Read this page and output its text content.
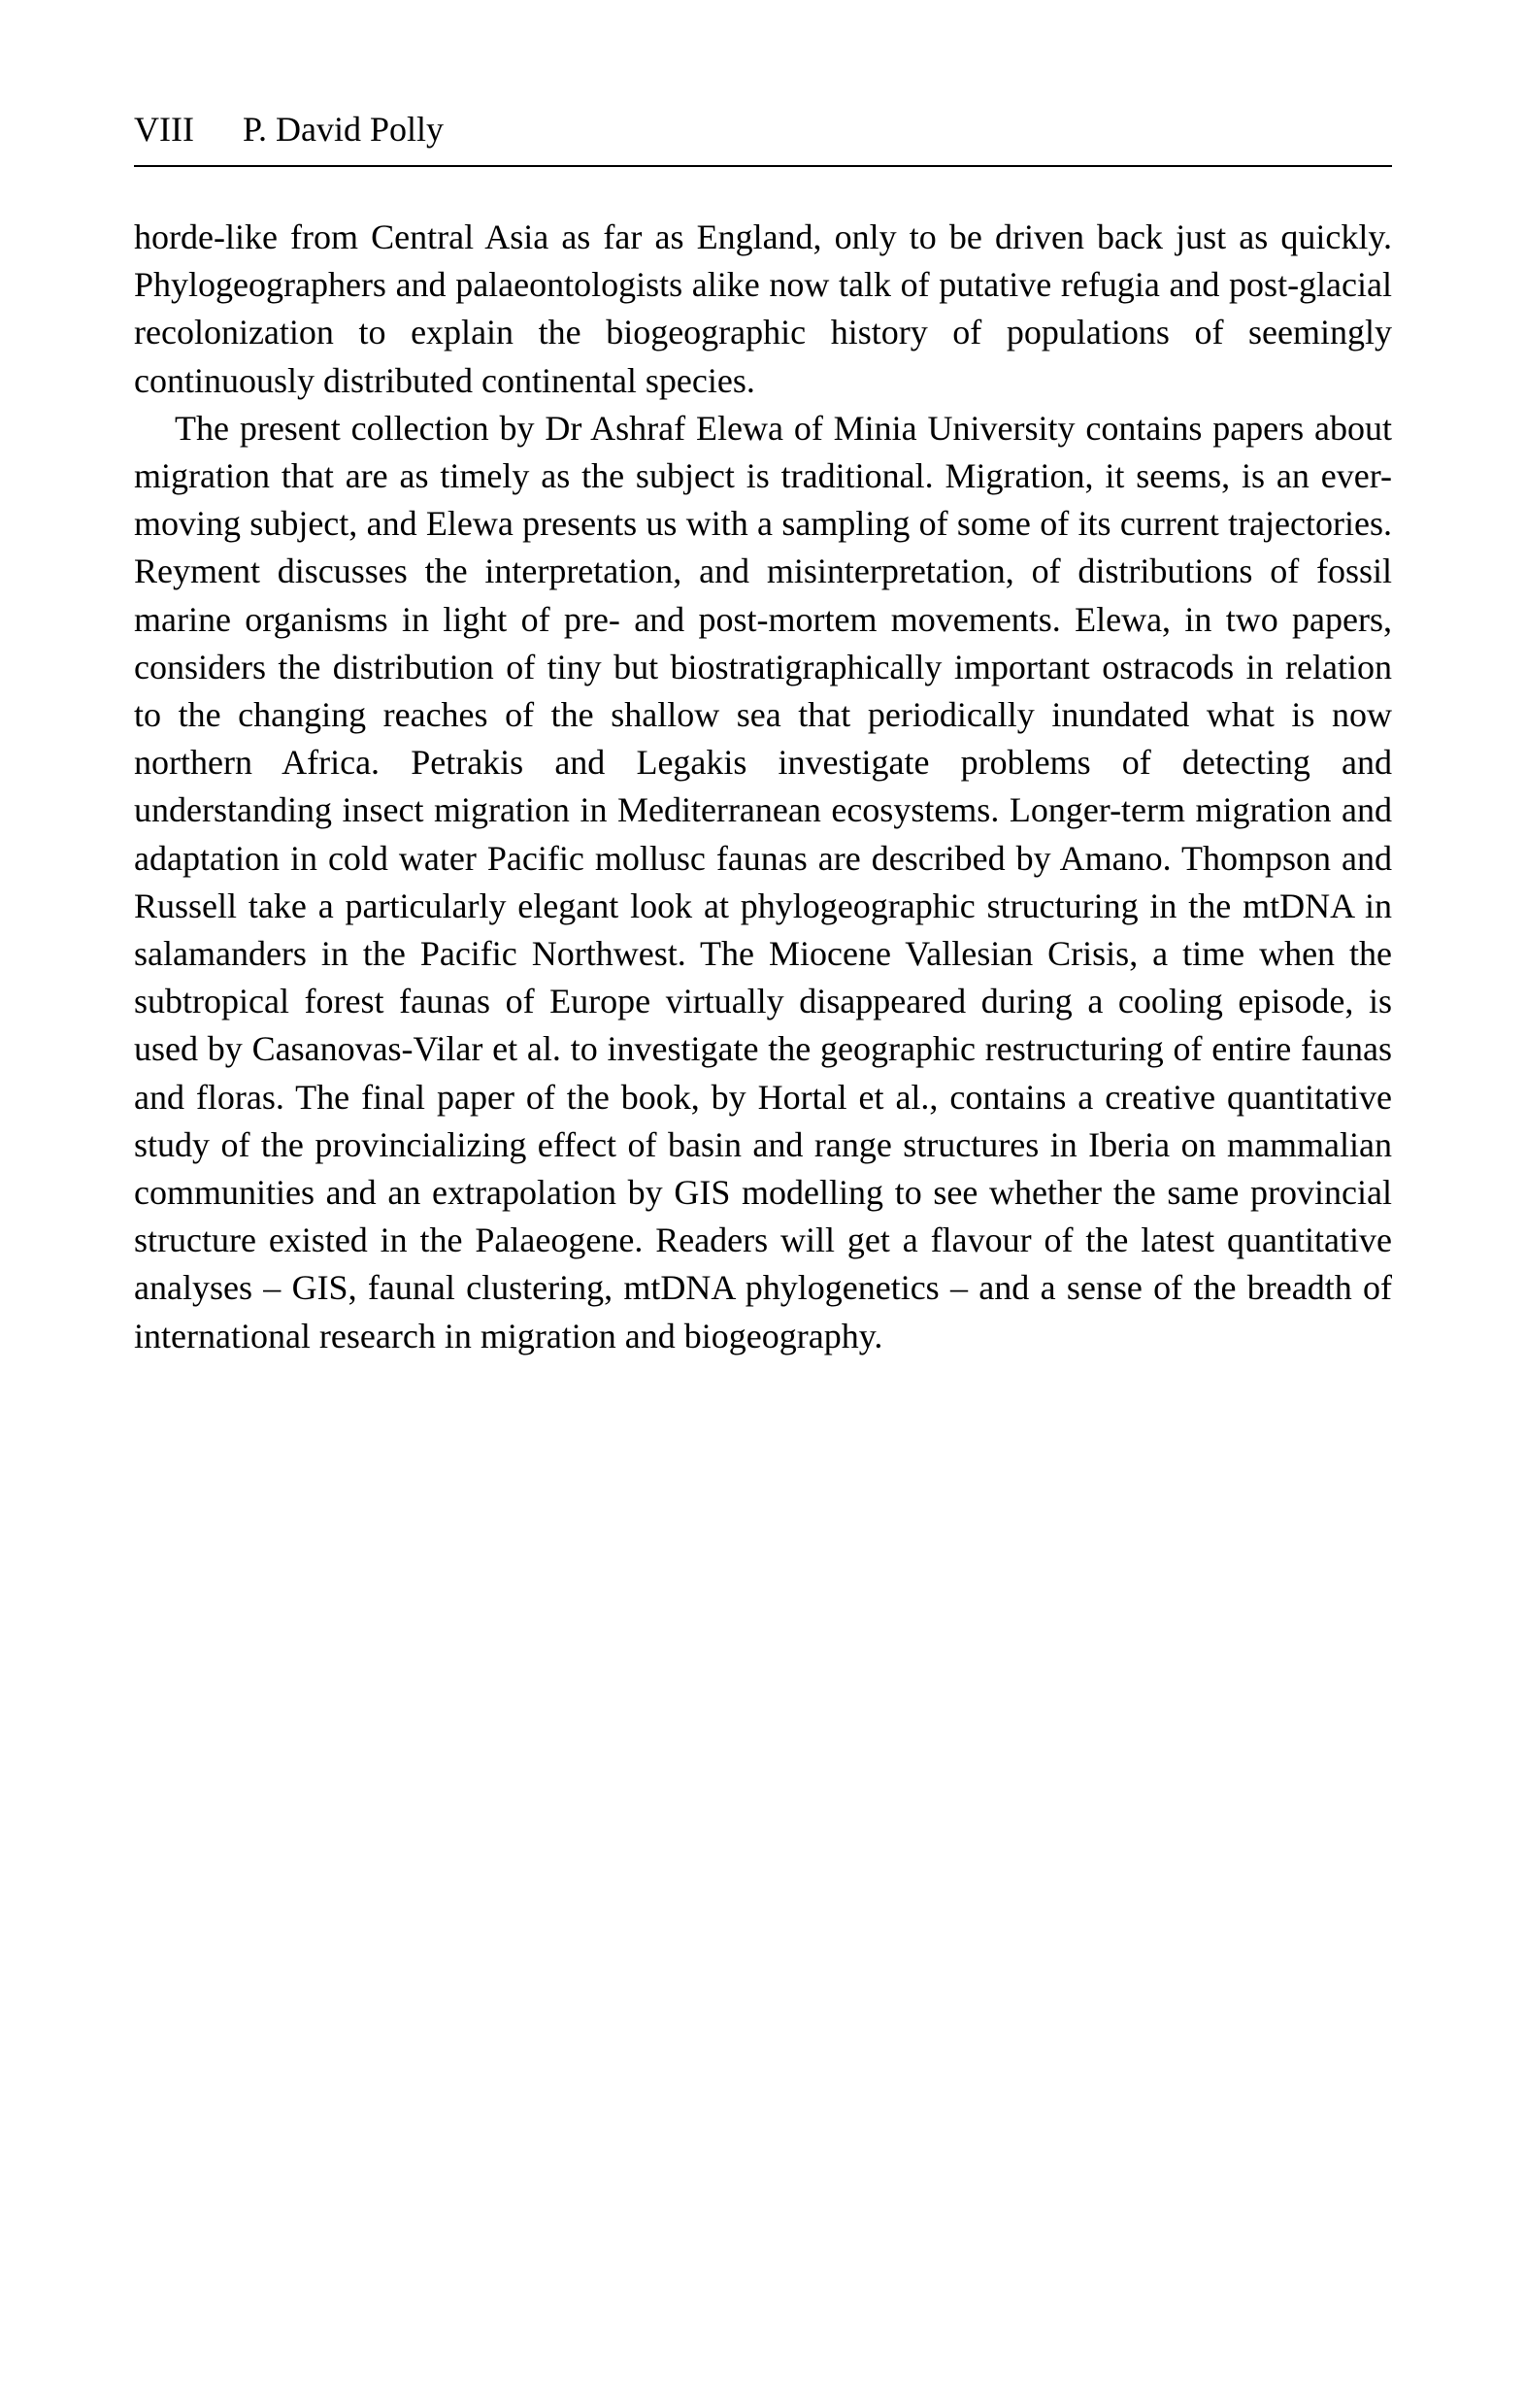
VIII P. David Polly

horde-like from Central Asia as far as England, only to be driven back just as quickly. Phylogeographers and palaeontologists alike now talk of putative refugia and post-glacial recolonization to explain the biogeographic history of populations of seemingly continuously distributed continental species.

The present collection by Dr Ashraf Elewa of Minia University contains papers about migration that are as timely as the subject is traditional. Migration, it seems, is an ever-moving subject, and Elewa presents us with a sampling of some of its current trajectories. Reyment discusses the interpretation, and misinterpretation, of distributions of fossil marine organisms in light of pre- and post-mortem movements. Elewa, in two papers, considers the distribution of tiny but biostratigraphically important ostracods in relation to the changing reaches of the shallow sea that periodically inundated what is now northern Africa. Petrakis and Legakis investigate problems of detecting and understanding insect migration in Mediterranean ecosystems. Longer-term migration and adaptation in cold water Pacific mollusc faunas are described by Amano. Thompson and Russell take a particularly elegant look at phylogeographic structuring in the mtDNA in salamanders in the Pacific Northwest. The Miocene Vallesian Crisis, a time when the subtropical forest faunas of Europe virtually disappeared during a cooling episode, is used by Casanovas-Vilar et al. to investigate the geographic restructuring of entire faunas and floras. The final paper of the book, by Hortal et al., contains a creative quantitative study of the provincializing effect of basin and range structures in Iberia on mammalian communities and an extrapolation by GIS modelling to see whether the same provincial structure existed in the Palaeogene. Readers will get a flavour of the latest quantitative analyses – GIS, faunal clustering, mtDNA phylogenetics – and a sense of the breadth of international research in migration and biogeography.
